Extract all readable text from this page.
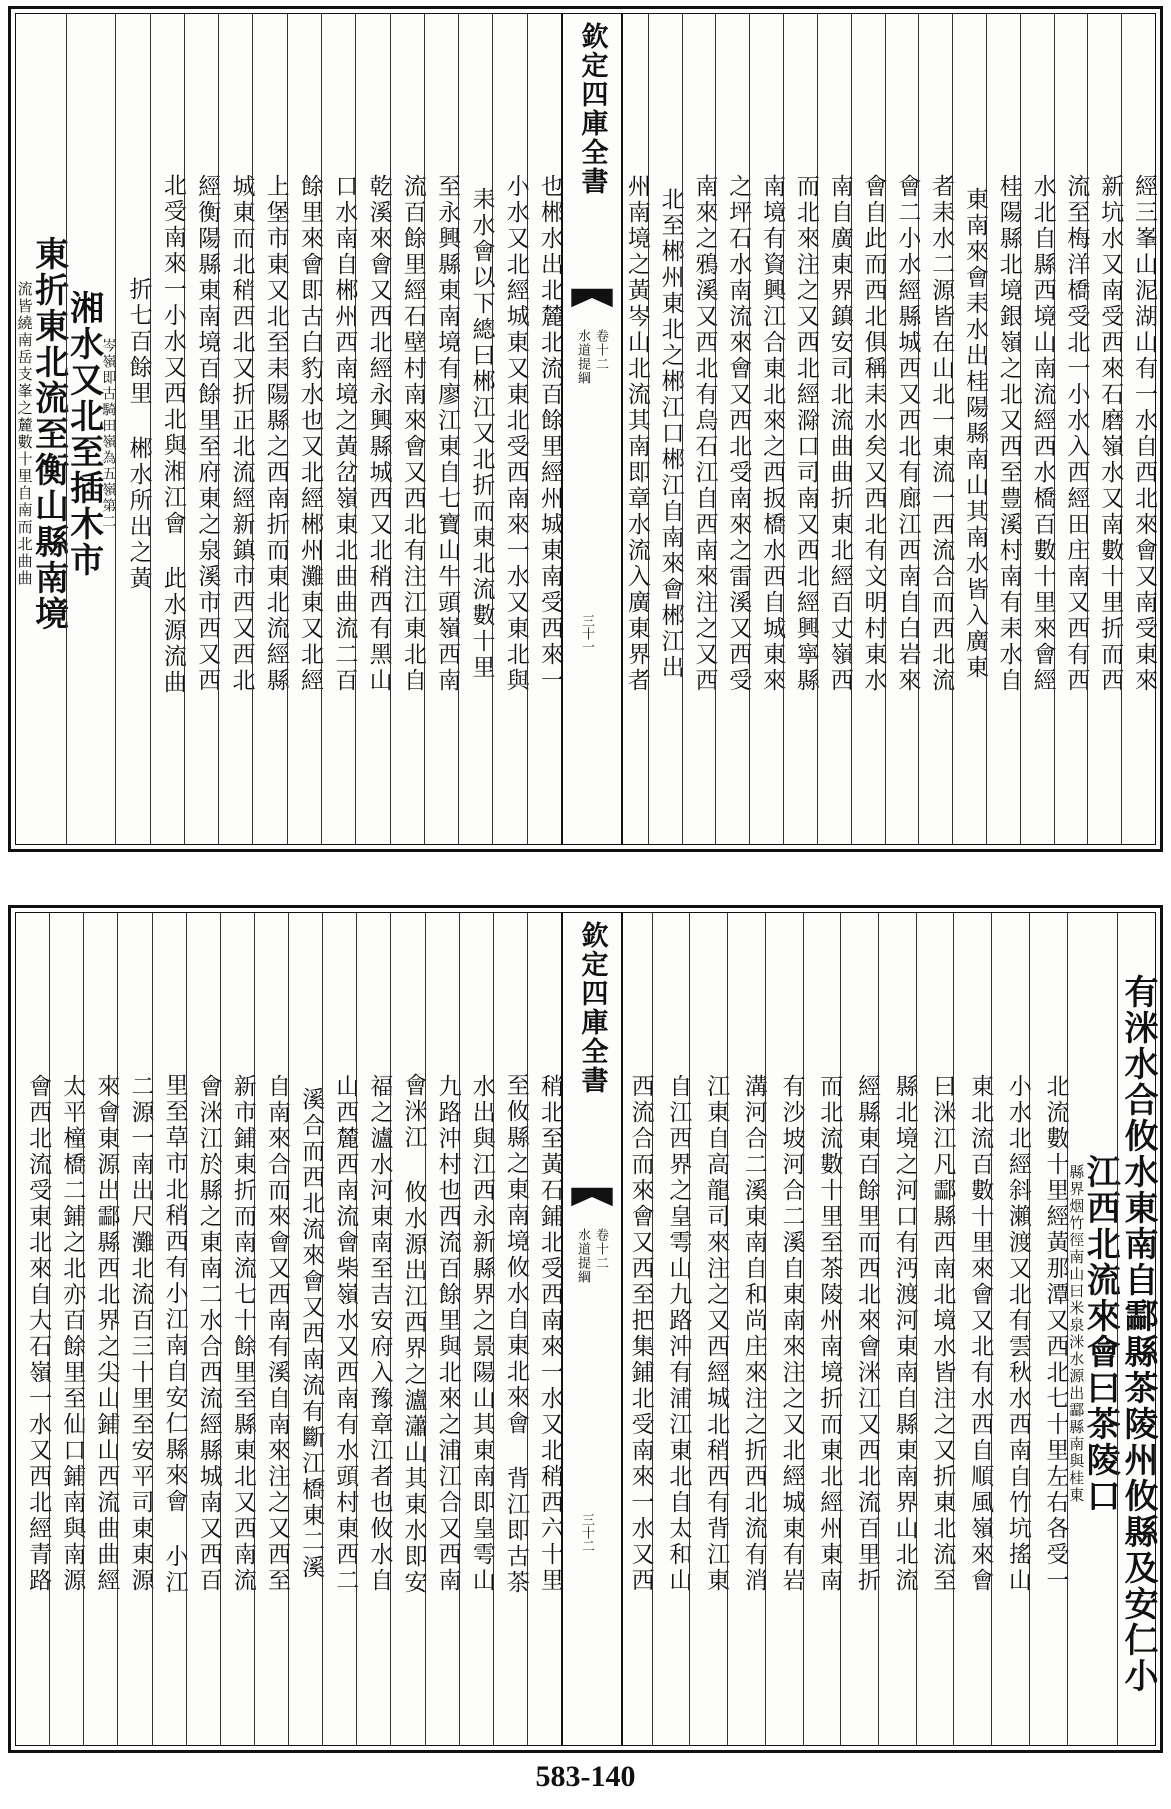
經三峯山泥湖山有一水自西北來會又南受東來
新坑水又南受西來石磨嶺水又南數十里折而西
流至梅洋橋受北一小水入西經田庄南又西有西
水北自縣西境山南流經西水橋百數十里來會經
桂陽縣北境銀嶺之北又西至豊溪村南有耒水自
東南來會耒水出桂陽縣南山其南水皆入廣東
者耒水二源皆在山北一東流一西流合而西北流
會二小水經縣城西又西北有廊江西南自白岩來
會自此而西北俱稱耒水矣又西北有文明村東水
南自廣東界鎮安司北流曲曲折東北經百丈嶺西
而北來注之又西北經滁口司南又西北經興寧縣
南境有資興江合東北來之西扳橋水西自城東來
之坪石水南流來會又西北受南來之雷溪又西受
南來之鴉溪又西北有烏石江自西南來注之又西
北至郴州東北之郴江口郴江自南來會郴江出
州南境之黃岑山北流其南即章水流入廣東界者
欽定四庫全書
卷十二
水道提綱
三十一
也郴水出北麓北流百餘里經州城東南受西來一
小水又北經城東又東北受西南來一水又東北與
耒水會以下總曰郴江又北折而東北流數十里
至永興縣東南境有廖江東自七寶山牛頭嶺西南
流百餘里經石壁村南來會又西北有注江東北自
乾溪來會又西北經永興縣城西又北稍西有黑山
口水南自郴州西南境之黃岔嶺東北曲曲流二百
餘里來會即古白豹水也又北經郴州灘東又北經
上堡市東又北至耒陽縣之西南折而東北流經縣
城東而北稍西北又折正北流經新鎮市西又西北
經衡陽縣東南境百餘里至府東之泉溪市西又西
北受南來一小水又西北與湘江會 此水源流曲
折七百餘里 郴水所出之黃
岑嶺即古騎田嶺為五嶺第二
湘水又北至插木市
東折東北流至衡山縣南境
數十里自南而北曲曲
流皆繞南岳支峯之麓
有洣水合攸水東南自酃縣茶陵州攸縣及安仁小
江西北流來會曰茶陵口
洣水源出酃縣南與桂東
縣界烟竹徑南山曰米泉
北流數十里經黃那潭又西北七十里左右各受一
小水北經斜瀨渡又北有雲秋水西南自竹坑搖山
東北流百數十里來會又北有水西自順風嶺來會
曰洣江凡酃縣西南北境水皆注之又折東北流至
縣北境之河口有沔渡河東南自縣東南界山北流
經縣東百餘里而西北來會洣江又西北流百里折
而北流數十里至茶陵州南境折而東北經州東南
有沙坡河合二溪自東南來注之又北經城東有岩
溝河合二溪東南自和尚庄來注之折西北流有消
江東自高龍司來注之又西經城北稍西有背江東
自江西界之皇雩山九路沖有浦江東北自太和山
西流合而來會又西至把集鋪北受南來一水又西
欽定四庫全書
卷十二
水道提綱
三十二
稍北至黃石鋪北受西南來一水又北稍西六十里
至攸縣之東南境攸水自東北來會 背江即古茶
水出與江西永新縣界之景陽山其東南即皇雩山
九路沖村也西流百餘里與北來之浦江合又西南
會洣江 攸水源出江西界之瀘瀟山其東水即安
福之瀘水河東南至吉安府入豫章江者也攸水自
山西麓西南流會柴嶺水又西南有水頭村東西二
溪合而西北流來會又西南流有斷江橋東二溪
自南來合而來會又西南有溪自南來注之又西至
新市鋪東折而南流七十餘里至縣東北又西南流
會洣江於縣之東南二水合西流經縣城南又西百
里至草市北稍西有小江南自安仁縣來會 小江
二源一南出尺灘北流百三十里至安平司東東源
來會東源出酃縣西北界之尖山鋪山西流曲曲經
太平橦橋二鋪之北亦百餘里至仙口鋪南與南源
會西北流受東北來自大石嶺一水又西北經青路
583-140
